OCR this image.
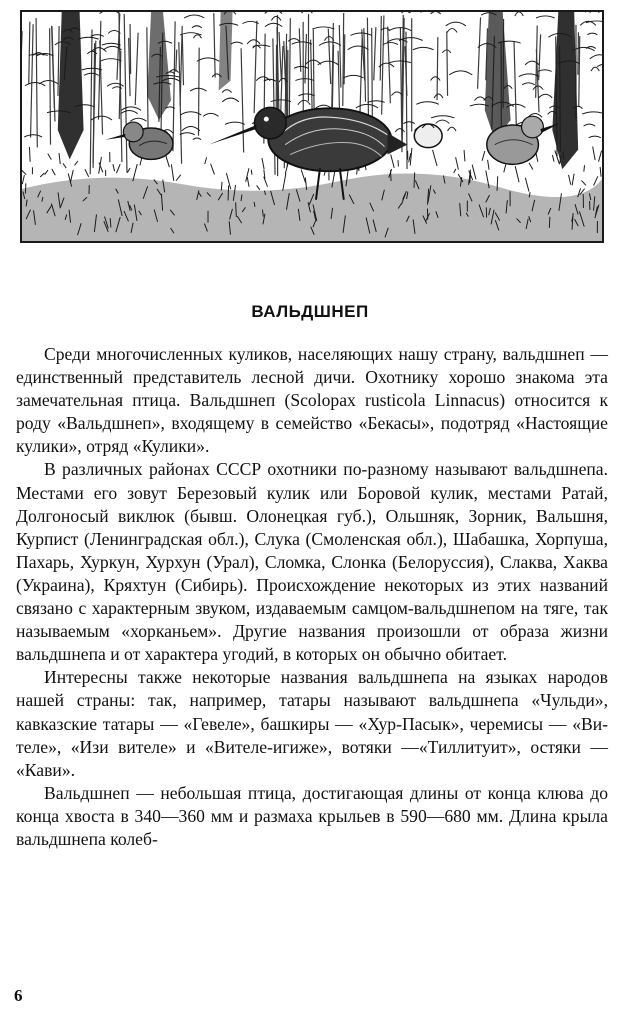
ВАЛЬДШНЕП

Среди многочисленных куликов, населяющих нашу страну, вальдшнеп — единственный представитель лесной дичи. Охотнику хорошо знакома эта замечательная птица. Вальдшнеп (Scolopax rusticola Linnacus) относится к роду «Вальдшнеп», входящему в семейство «Бекасы», подотряд «Настоящие кулики», отряд «Кулики».

В различных районах СССР охотники по-разному называют вальдшнепа. Местами его зовут Березовый кулик или Боровой кулик, местами Ратай, Долгоносый виклюк (бывш. Олонецкая губ.), Ольшняк, Зорник, Вальшня, Курпист (Ленинградская обл.), Слука (Смоленская обл.), Шабашка, Хорпуша, Пахарь, Хуркун, Хурхун (Урал), Сломка, Слонка (Белоруссия), Слаква, Хаква (Украина), Кряхтун (Сибирь). Происхождение некоторых из этих названий связано с характерным звуком, издаваемым самцом-вальдшнепом на тяге, так называемым «хорканьем». Другие названия произошли от образа жизни вальдшнепа и от характера угодий, в которых он обычно обитает.

Интересны также некоторые названия вальдшнепа на языках народов нашей страны: так, например, татары называют вальдшнепа «Чульди», кавказские татары — «Гевеле», башкиры — «Хур-Пасык», черемисы — «Вителе», «Изи вителе» и «Вителе-игижe», вотяки —«Тиллитуит», остяки — «Кави».

Вальдшнеп — небольшая птица, достигающая длины от конца клюва до конца хвоста в 340—360 мм и размаха крыльев в 590—680 мм. Длина крыла вальдшнепа колеб-

6
